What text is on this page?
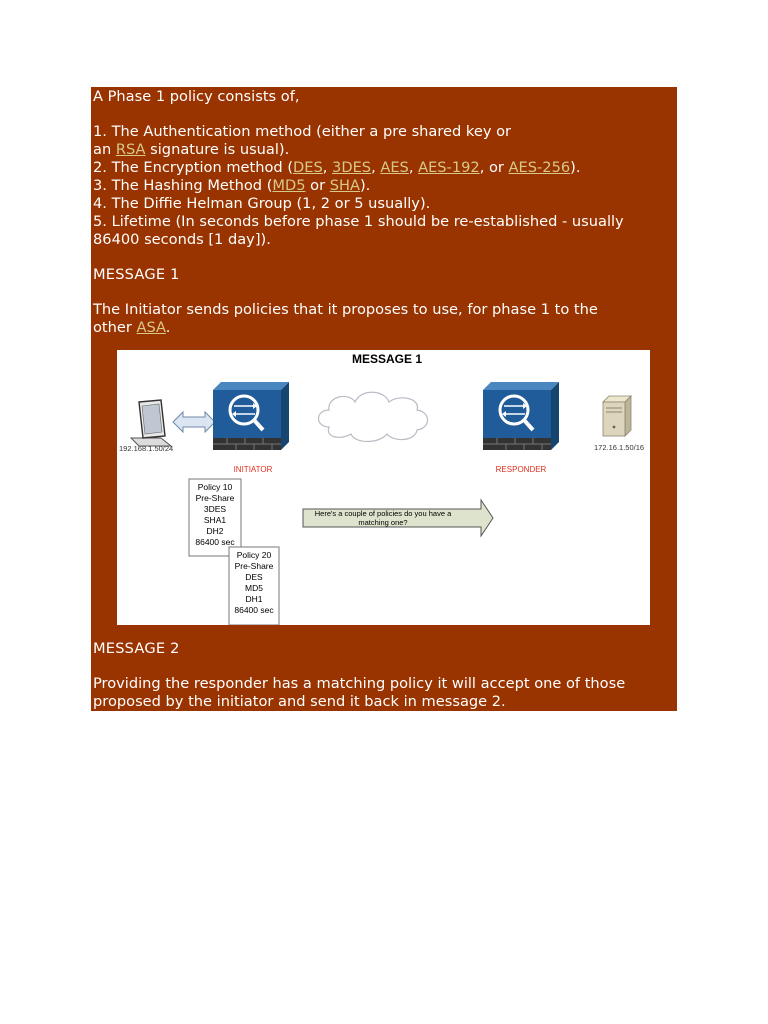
A Phase 1 policy consists of,
1. The Authentication method (either a pre shared key or
an RSA signature is usual).
2. The Encryption method (DES, 3DES, AES, AES-192, or AES-256).
3. The Hashing Method (MD5 or SHA).
4. The Diffie Helman Group (1, 2 or 5 usually).
5. Lifetime (In seconds before phase 1 should be re-established - usually
86400 seconds [1 day]).
MESSAGE 1
The Initiator sends policies that it proposes to use, for phase 1 to the
other ASA.
MESSAGE 1
192.168.1.50/24
INITIATOR	RESPONDER
172.16.1.50/16
Policy 10
Pre-Share
3DES
SHA1
DH2
86400 sec
Policy 20
Pre-Share
DES
MD5
DH1
86400 sec
Here's a couple of policies do you have a
matching one?
MESSAGE 2
Providing the responder has a matching policy it will accept one of those
proposed by the initiator and send it back in message 2.
